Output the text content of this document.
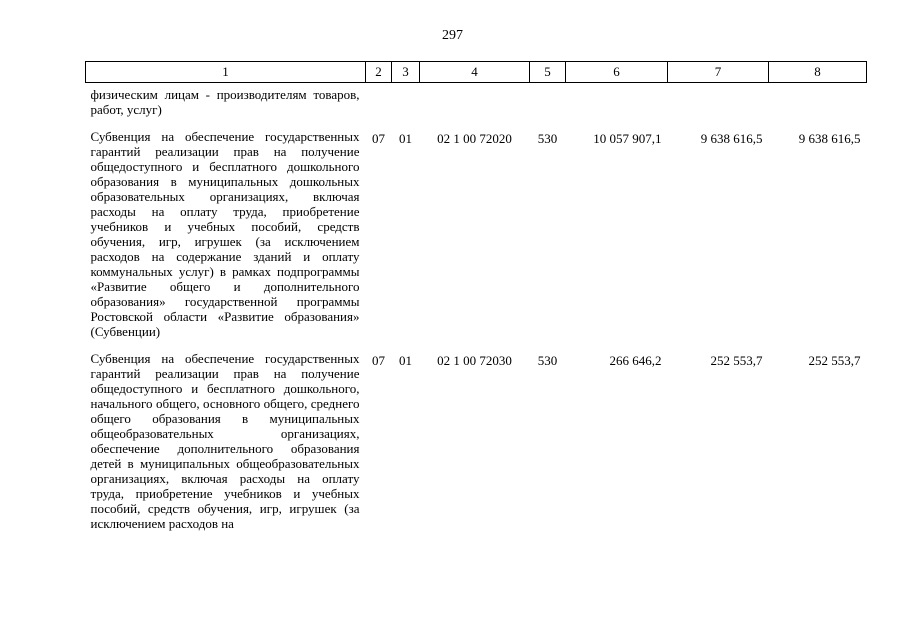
297
1	2	3	4	5	6	7	8
физическим лицам - производителям товаров, работ, услуг)							
Субвенция на обеспечение государственных гарантий реализации прав на получение общедоступного и бесплатного дошкольного образования в муниципальных дошкольных образовательных организациях, включая расходы на оплату труда, приобретение учебников и учебных пособий, средств обучения, игр, игрушек (за исключением расходов на содержание зданий и оплату коммунальных услуг) в рамках подпрограммы «Развитие общего и дополнительного образования» государственной программы Ростовской области «Развитие образования» (Субвенции)	07	01	02 1 00 72020	530	10 057 907,1	9 638 616,5	9 638 616,5
Субвенция на обеспечение государственных гарантий реализации прав на получение общедоступного и бесплатного дошкольного, начального общего, основного общего, среднего общего образования в муниципальных общеобразовательных организациях, обеспечение дополнительного образования детей в муниципальных общеобразовательных организациях, включая расходы на оплату труда, приобретение учебников и учебных пособий, средств обучения, игр, игрушек (за исключением расходов на	07	01	02 1 00 72030	530	266 646,2	252 553,7	252 553,7
